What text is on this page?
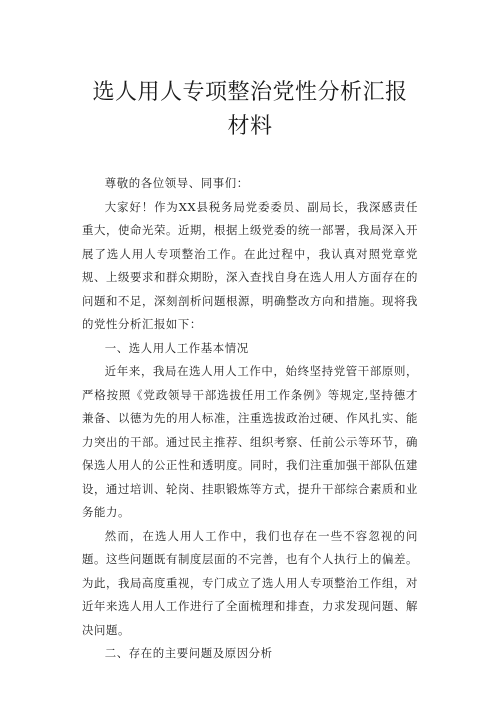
选人用人专项整治党性分析汇报材料

尊敬的各位领导、同事们：

大家好！作为XX县税务局党委委员、副局长，我深感责任重大，使命光荣。近期，根据上级党委的统一部署，我局深入开展了选人用人专项整治工作。在此过程中，我认真对照党章党规、上级要求和群众期盼，深入查找自身在选人用人方面存在的问题和不足，深刻剖析问题根源，明确整改方向和措施。现将我的党性分析汇报如下：

一、选人用人工作基本情况

近年来，我局在选人用人工作中，始终坚持党管干部原则，严格按照《党政领导干部选拔任用工作条例》等规定,坚持德才兼备、以德为先的用人标准，注重选拔政治过硬、作风扎实、能力突出的干部。通过民主推荐、组织考察、任前公示等环节，确保选人用人的公正性和透明度。同时，我们注重加强干部队伍建设，通过培训、轮岗、挂职锻炼等方式，提升干部综合素质和业务能力。

然而，在选人用人工作中，我们也存在一些不容忽视的问题。这些问题既有制度层面的不完善，也有个人执行上的偏差。为此，我局高度重视，专门成立了选人用人专项整治工作组，对近年来选人用人工作进行了全面梳理和排查，力求发现问题、解决问题。

二、存在的主要问题及原因分析
